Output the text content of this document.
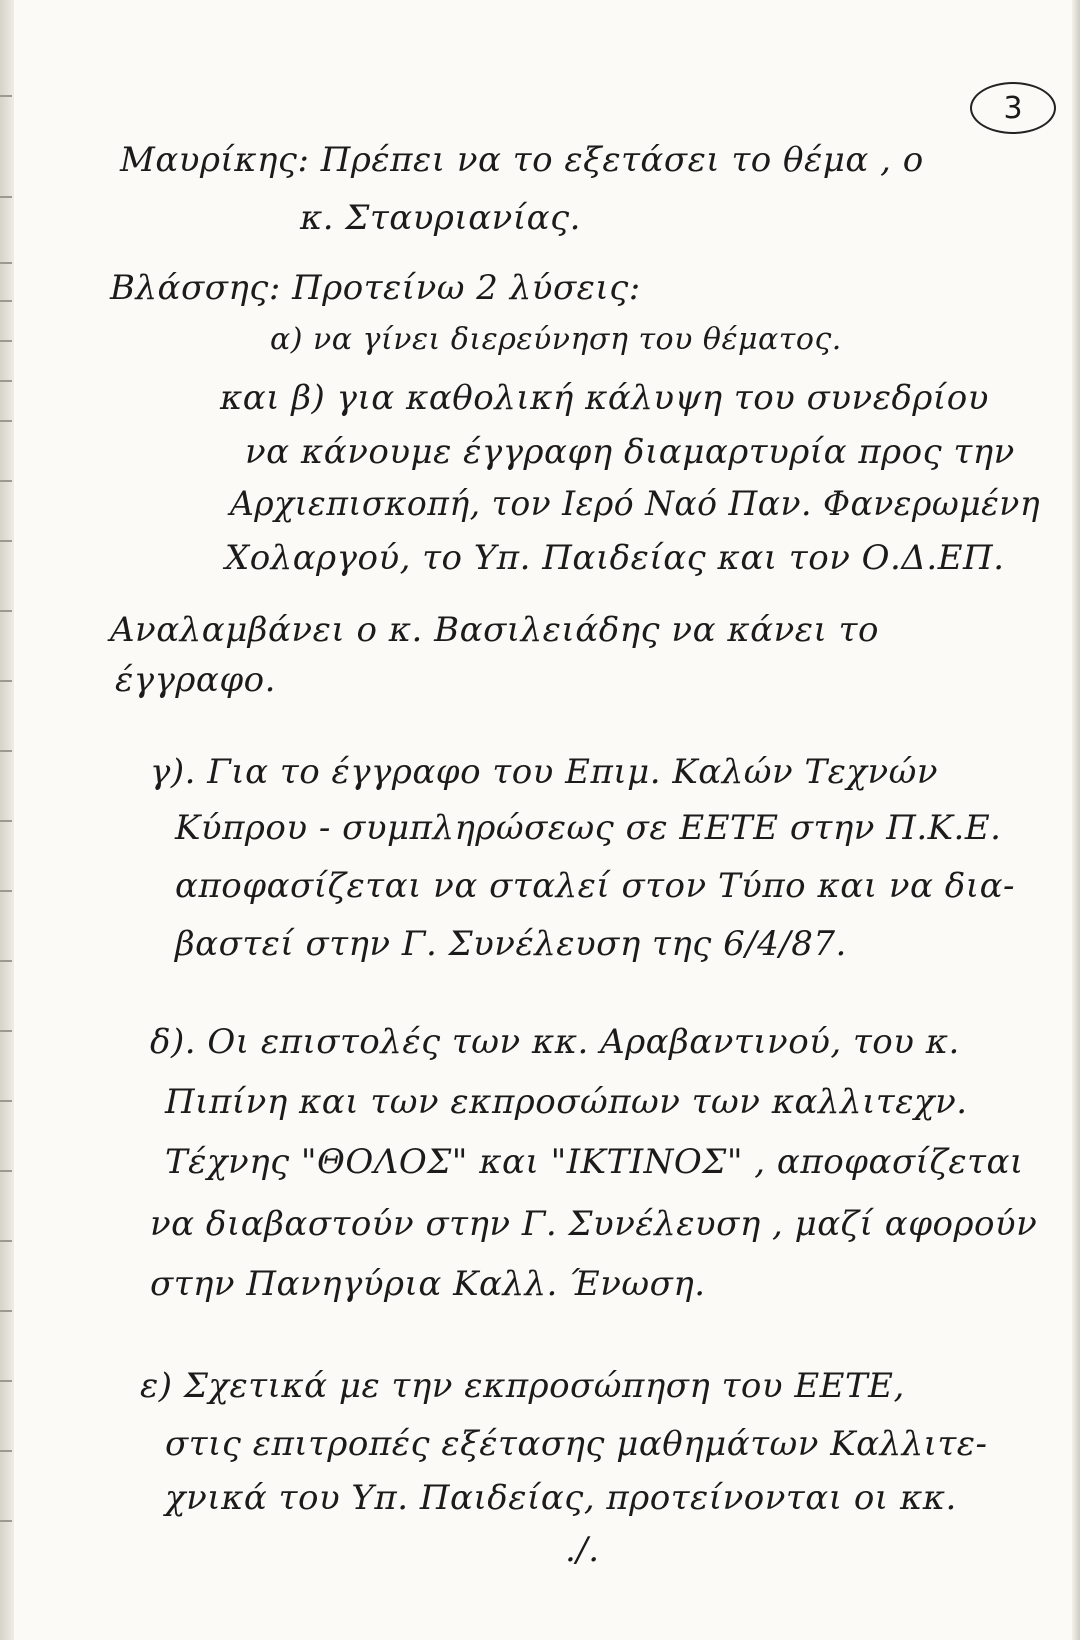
3
Μαυρίκης: Πρέπει να το εξετάσει το θέμα , ο
κ. Σταυριανίας.
Βλάσσης: Προτείνω 2 λύσεις:
α) να γίνει διερεύνηση του θέματος.
και β) για καθολική κάλυψη του συνεδρίου
να κάνουμε έγγραφη διαμαρτυρία προς την
Αρχιεπισκοπή, τον Ιερό Ναό Παν. Φανερωμένη
Χολαργού, το Υπ. Παιδείας και τον Ο.Δ.ΕΠ.
Αναλαμβάνει ο κ. Βασιλειάδης να κάνει το
έγγραφο.
γ). Για το έγγραφο του Επιμ. Καλών Τεχνών
Κύπρου - συμπληρώσεως σε ΕΕΤΕ στην Π.Κ.Ε.
αποφασίζεται να σταλεί στον Τύπο και να δια-
βαστεί στην Γ. Συνέλευση της 6/4/87.
δ). Οι επιστολές των κκ. Αραβαντινού, του κ.
Πιπίνη και των εκπροσώπων των καλλιτεχν.
Τέχνης "ΘΟΛΟΣ" και "ΙΚΤΙΝΟΣ" , αποφασίζεται
να διαβαστούν στην Γ. Συνέλευση , μαζί αφορούν
στην Πανηγύρια Καλλ. Ένωση.
ε) Σχετικά με την εκπροσώπηση του ΕΕΤΕ,
στις επιτροπές εξέτασης μαθημάτων Καλλιτε-
χνικά του Υπ. Παιδείας, προτείνονται οι κκ.
./.
